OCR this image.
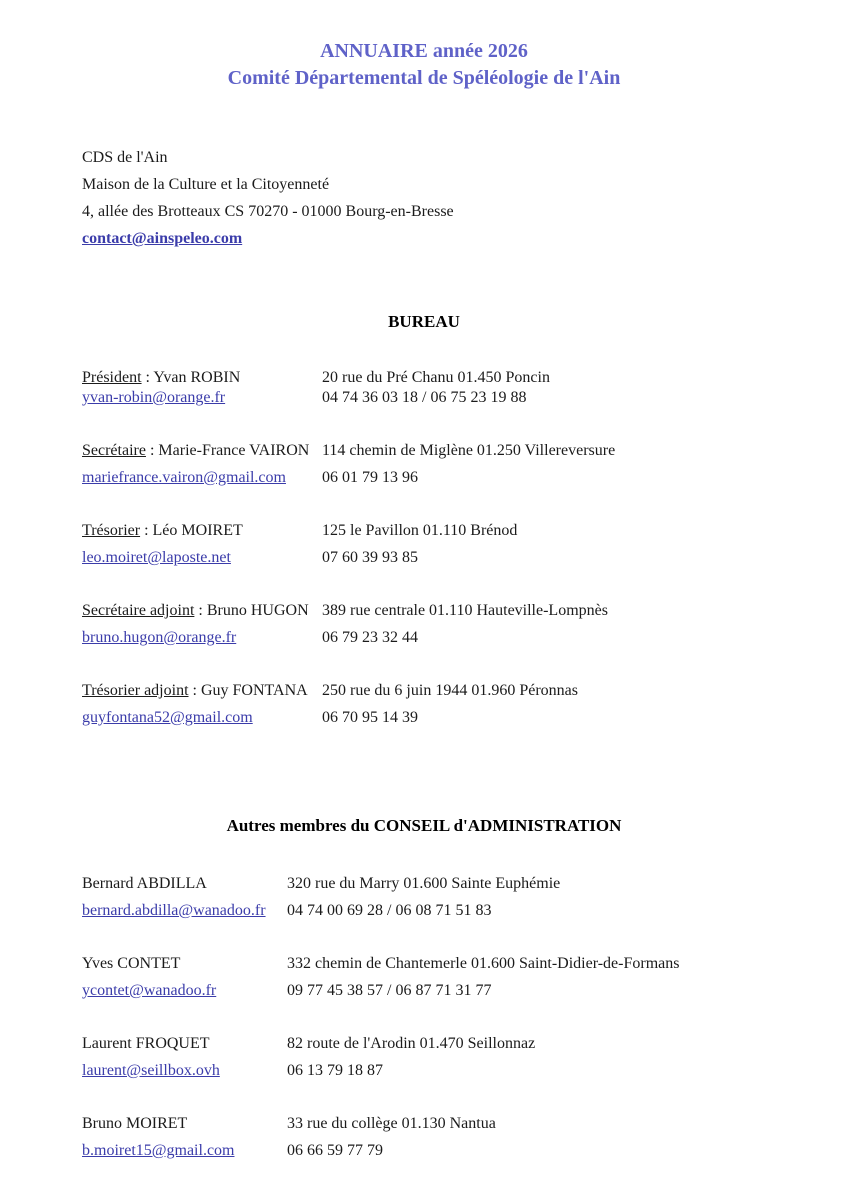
ANNUAIRE année 2026
Comité Départemental de Spéléologie de l'Ain
CDS de l'Ain
Maison de la Culture et la Citoyenneté
4, allée des Brotteaux CS 70270 - 01000 Bourg-en-Bresse
contact@ainspeleo.com
BUREAU
Président : Yvan ROBIN	20 rue du Pré Chanu 01.450 Poncin
yvan-robin@orange.fr	04 74 36 03 18 / 06 75 23 19 88
Secrétaire : Marie-France VAIRON 114 chemin de Miglène 01.250 Villereversure
mariefrance.vairon@gmail.com	06 01 79 13 96
Trésorier : Léo MOIRET	125 le Pavillon 01.110 Brénod
leo.moiret@laposte.net	07 60 39 93 85
Secrétaire adjoint : Bruno HUGON 389 rue centrale 01.110 Hauteville-Lompnès
bruno.hugon@orange.fr	06 79 23 32 44
Trésorier adjoint : Guy FONTANA 250 rue du 6 juin 1944 01.960 Péronnas
guyfontana52@gmail.com	06 70 95 14 39
Autres membres du CONSEIL d'ADMINISTRATION
Bernard ABDILLA	320 rue du Marry 01.600 Sainte Euphémie
bernard.abdilla@wanadoo.fr	04 74 00 69 28 / 06 08 71 51 83
Yves CONTET	332 chemin de Chantemerle 01.600 Saint-Didier-de-Formans
ycontet@wanadoo.fr	09 77 45 38 57 / 06 87 71 31 77
Laurent FROQUET	82 route de l'Arodin 01.470 Seillonnaz
laurent@seillbox.ovh	06 13 79 18 87
Bruno MOIRET	33 rue du collège 01.130 Nantua
b.moiret15@gmail.com	06 66 59 77 79
